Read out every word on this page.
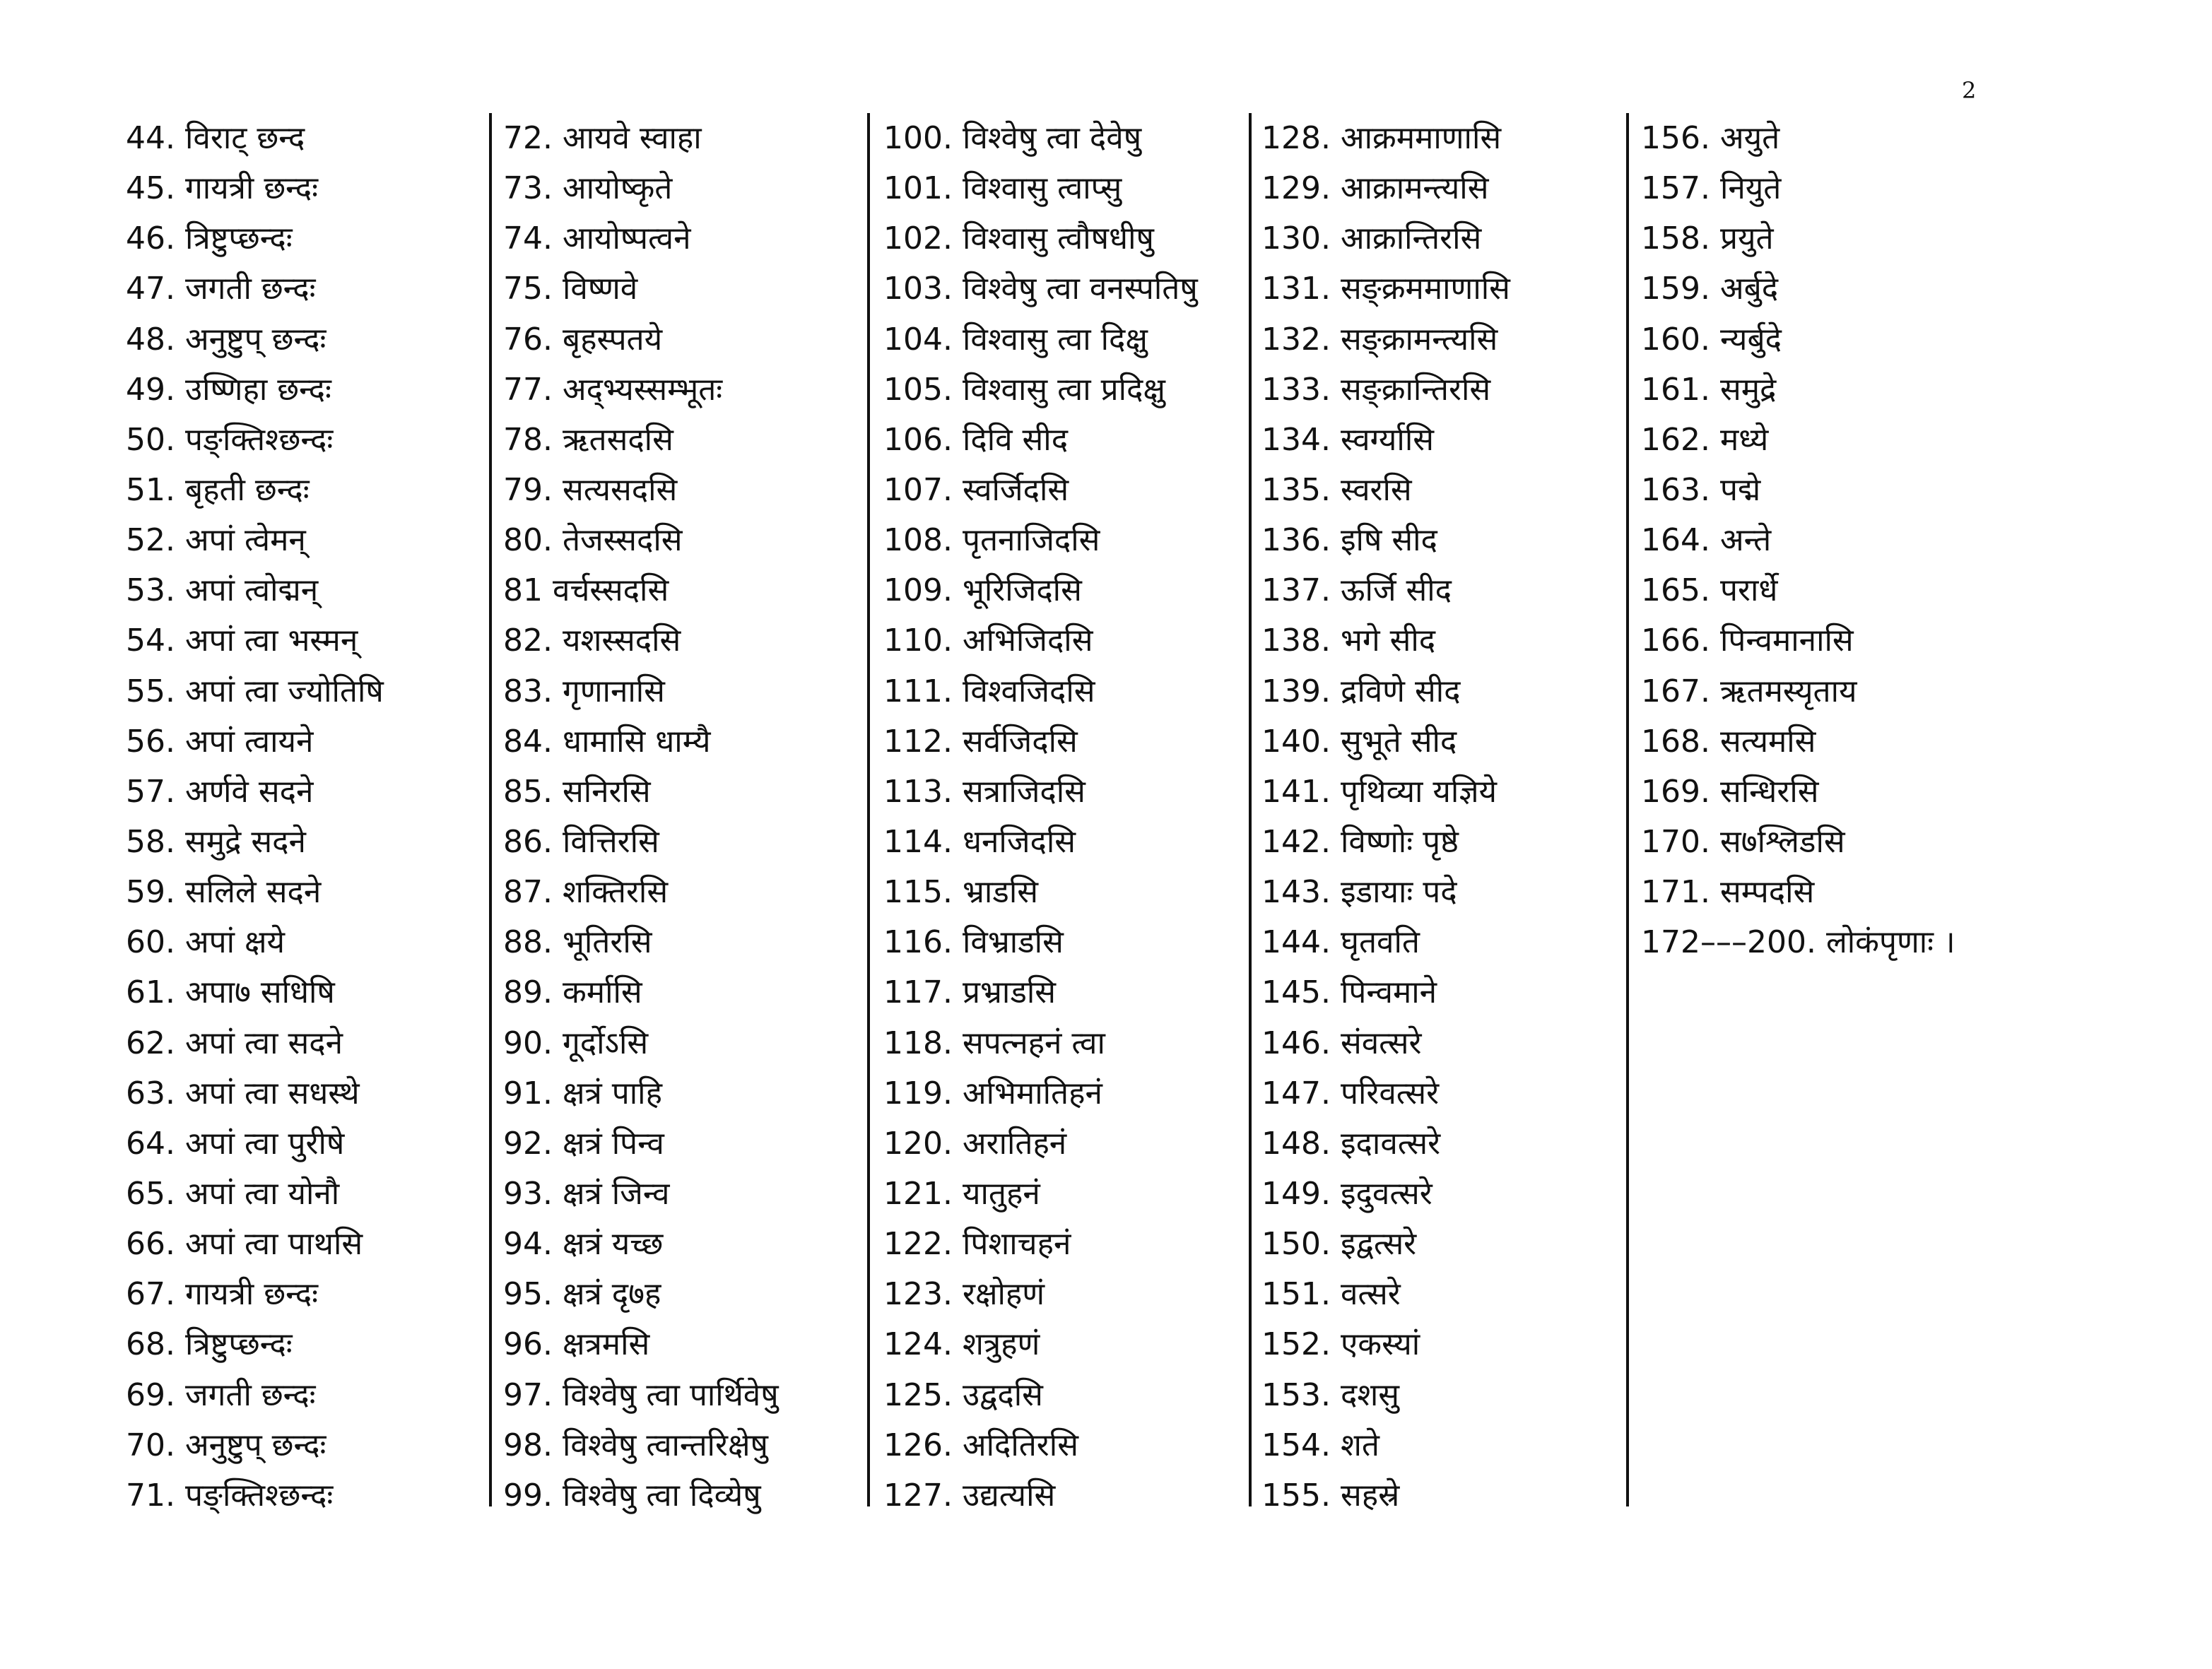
2
44. विराट् छन्द
45. गायत्री छन्दः
46. त्रिष्टुप्छन्दः
47. जगती छन्दः
48. अनुष्टुप् छन्दः
49. उष्णिहा छन्दः
50. पङ्क्तिश्छन्दः
51. बृहती छन्दः
52. अपां त्वेमन्
53. अपां त्वोद्मन्
54. अपां त्वा भस्मन्
55. अपां त्वा ज्योतिषि
56. अपां त्वायने
57. अर्णवे सदने
58. समुद्रे सदने
59. सलिले सदने
60. अपां क्षये
61. अपा७ सधिषि
62. अपां त्वा सदने
63. अपां त्वा सधस्थे
64. अपां त्वा पुरीषे
65. अपां त्वा योनौ
66. अपां त्वा पाथसि
67. गायत्री छन्दः
68. त्रिष्टुप्छन्दः
69. जगती छन्दः
70. अनुष्टुप् छन्दः
71. पङ्क्तिश्छन्दः
72. आयवे स्वाहा
73. आयोष्कृते
74. आयोष्पत्वने
75. विष्णवे
76. बृहस्पतये
77. अद्भ्यस्सम्भूतः
78. ऋतसदसि
79. सत्यसदसि
80. तेजस्सदसि
81 वर्चस्सदसि
82. यशस्सदसि
83. गृणानासि
84. धामासि धाम्यै
85. सनिरसि
86. वित्तिरसि
87. शक्तिरसि
88. भूतिरसि
89. कर्मासि
90. गूर्दोऽसि
91. क्षत्रं पाहि
92. क्षत्रं पिन्व
93. क्षत्रं जिन्व
94. क्षत्रं यच्छ
95. क्षत्रं दृ७ह
96. क्षत्रमसि
97. विश्वेषु त्वा पार्थिवेषु
98. विश्वेषु त्वान्तरिक्षेषु
99. विश्वेषु त्वा दिव्येषु
100. विश्वेषु त्वा देवेषु
101. विश्वासु त्वाप्सु
102. विश्वासु त्वौषधीषु
103. विश्वेषु त्वा वनस्पतिषु
104. विश्वासु त्वा दिक्षु
105. विश्वासु त्वा प्रदिक्षु
106. दिवि सीद
107. स्वर्जिदसि
108. पृतनाजिदसि
109. भूरिजिदसि
110. अभिजिदसि
111. विश्वजिदसि
112. सर्वजिदसि
113. सत्राजिदसि
114. धनजिदसि
115. भ्राडसि
116. विभ्राडसि
117. प्रभ्राडसि
118. सपत्नहनं त्वा
119. अभिमातिहनं
120. अरातिहनं
121. यातुहनं
122. पिशाचहनं
123. रक्षोहणं
124. शत्रुहणं
125. उद्वदसि
126. अदितिरसि
127. उद्यत्यसि
128. आक्रममाणासि
129. आक्रामन्त्यसि
130. आक्रान्तिरसि
131. सङ्क्रममाणासि
132. सङ्क्रामन्त्यसि
133. सङ्क्रान्तिरसि
134. स्वर्ग्यासि
135. स्वरसि
136. इषि सीद
137. ऊर्जि सीद
138. भगे सीद
139. द्रविणे सीद
140. सुभूते सीद
141. पृथिव्या यज्ञिये
142. विष्णोः पृष्ठे
143. इडायाः पदे
144. घृतवति
145. पिन्वमाने
146. संवत्सरे
147. परिवत्सरे
148. इदावत्सरे
149. इदुवत्सरे
150. इद्वत्सरे
151. वत्सरे
152. एकस्यां
153. दशसु
154. शते
155. सहस्रे
156. अयुते
157. नियुते
158. प्रयुते
159. अर्बुदे
160. न्यर्बुदे
161. समुद्रे
162. मध्ये
163. पद्मे
164. अन्ते
165. परार्धे
166. पिन्वमानासि
167. ऋतमस्यृताय
168. सत्यमसि
169. सन्धिरसि
170. स७श्लिडसि
171. सम्पदसि
172–––200. लोकंपृणाः ।
